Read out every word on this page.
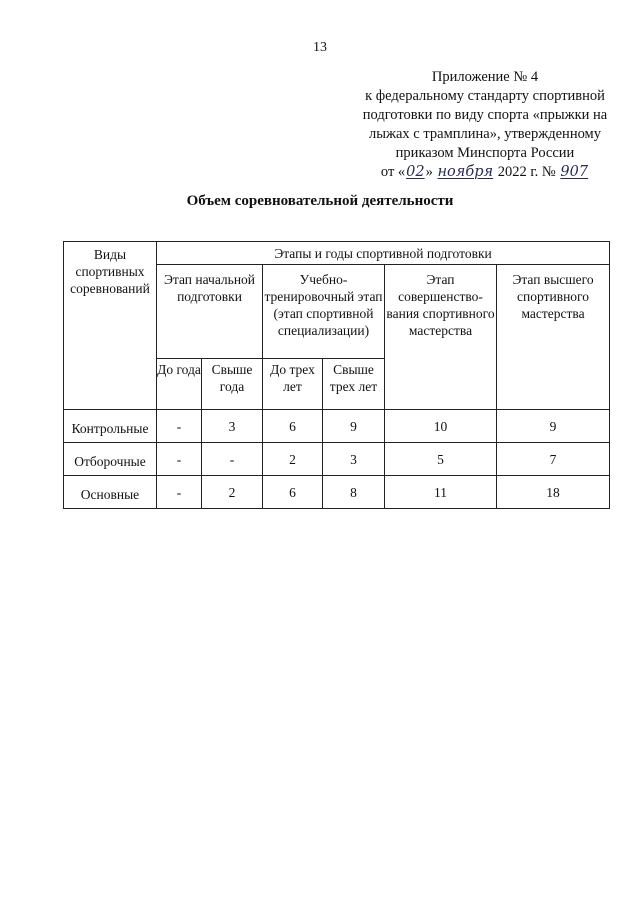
13
Приложение № 4
к федеральному стандарту спортивной
подготовки по виду спорта «прыжки на
лыжах с трамплина», утвержденному
приказом Минспорта России
от «02» ноября 2022 г. № 907
Объем соревновательной деятельности
Виды спортивных соревнований	Этапы и годы спортивной подготовки					
	Этап начальной подготовки		Учебно-тренировочный этап (этап спортивной специализации)		Этап совершенство-вания спортивного мастерства	Этап высшего спортивного мастерства
	До года	Свыше года	До трех лет	Свыше трех лет		
Контрольные	-	3	6	9	10	9
Отборочные	-	-	2	3	5	7
Основные	-	2	6	8	11	18
